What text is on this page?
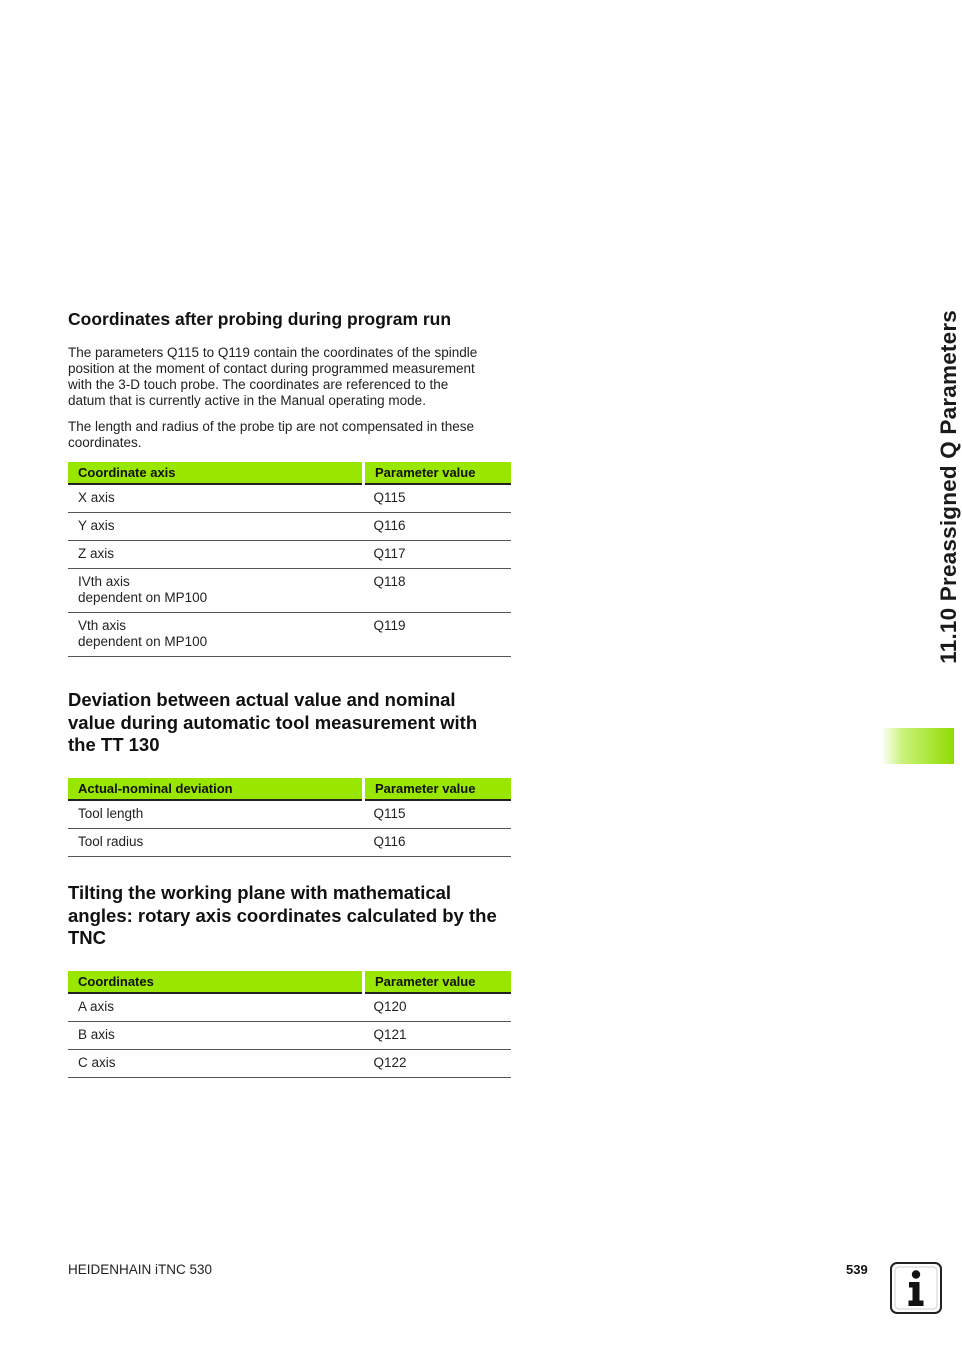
11.10 Preassigned Q Parameters
Coordinates after probing during program run

The parameters Q115 to Q119 contain the coordinates of the spindle
position at the moment of contact during programmed measurement
with the 3-D touch probe. The coordinates are referenced to the
datum that is currently active in the Manual operating mode.

The length and radius of the probe tip are not compensated in these
coordinates.

Coordinate axis	Parameter value
X axis	Q115
Y axis	Q116
Z axis	Q117
IVth axis
dependent on MP100	Q118
Vth axis
dependent on MP100	Q119
Deviation between actual value and nominal
value during automatic tool measurement with
the TT 130
Actual-nominal deviation	Parameter value
Tool length	Q115
Tool radius	Q116
Tilting the working plane with mathematical
angles: rotary axis coordinates calculated by the
TNC
Coordinates	Parameter value
A axis	Q120
B axis	Q121
C axis	Q122
HEIDENHAIN iTNC 530	539
